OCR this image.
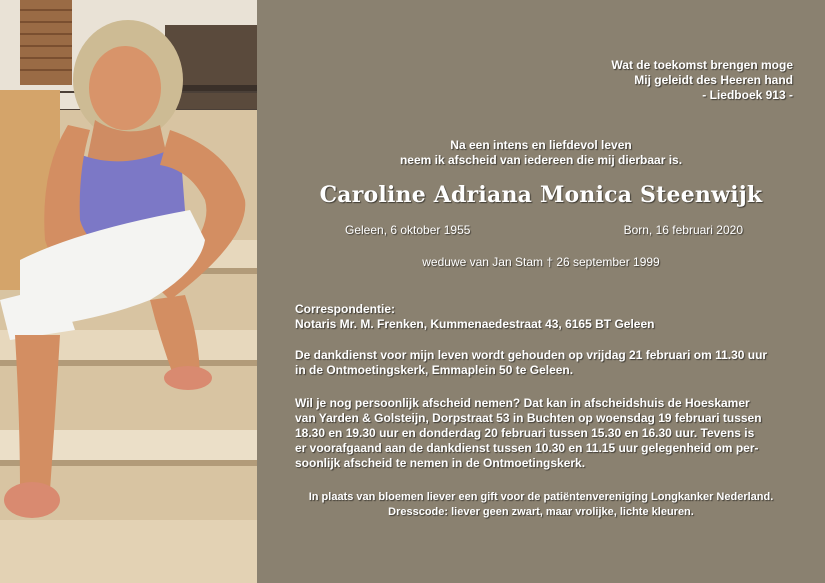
Wat de toekomst brengen moge
Mij geleidt des Heeren hand
- Liedboek 913 -
Na een intens en liefdevol leven
neem ik afscheid van iedereen die mij dierbaar is.
Caroline Adriana Monica Steenwijk
Geleen, 6 oktober 1955	Born, 16 februari 2020
weduwe van Jan Stam † 26 september 1999
Correspondentie:
Notaris Mr. M. Frenken, Kummenaedestraat 43, 6165 BT Geleen
De dankdienst voor mijn leven wordt gehouden op vrijdag 21 februari om 11.30 uur
in de Ontmoetingskerk, Emmaplein 50 te Geleen.
Wil je nog persoonlijk afscheid nemen? Dat kan in afscheidshuis de Hoeskamer
van Yarden & Golsteijn, Dorpstraat 53 in Buchten op woensdag 19 februari tussen
18.30 en 19.30 uur en donderdag 20 februari tussen 15.30 en 16.30 uur. Tevens is
er voorafgaand aan de dankdienst tussen 10.30 en 11.15 uur gelegenheid om per-
soonlijk afscheid te nemen in de Ontmoetingskerk.
In plaats van bloemen liever een gift voor de patiëntenvereniging Longkanker Nederland.
Dresscode: liever geen zwart, maar vrolijke, lichte kleuren.
